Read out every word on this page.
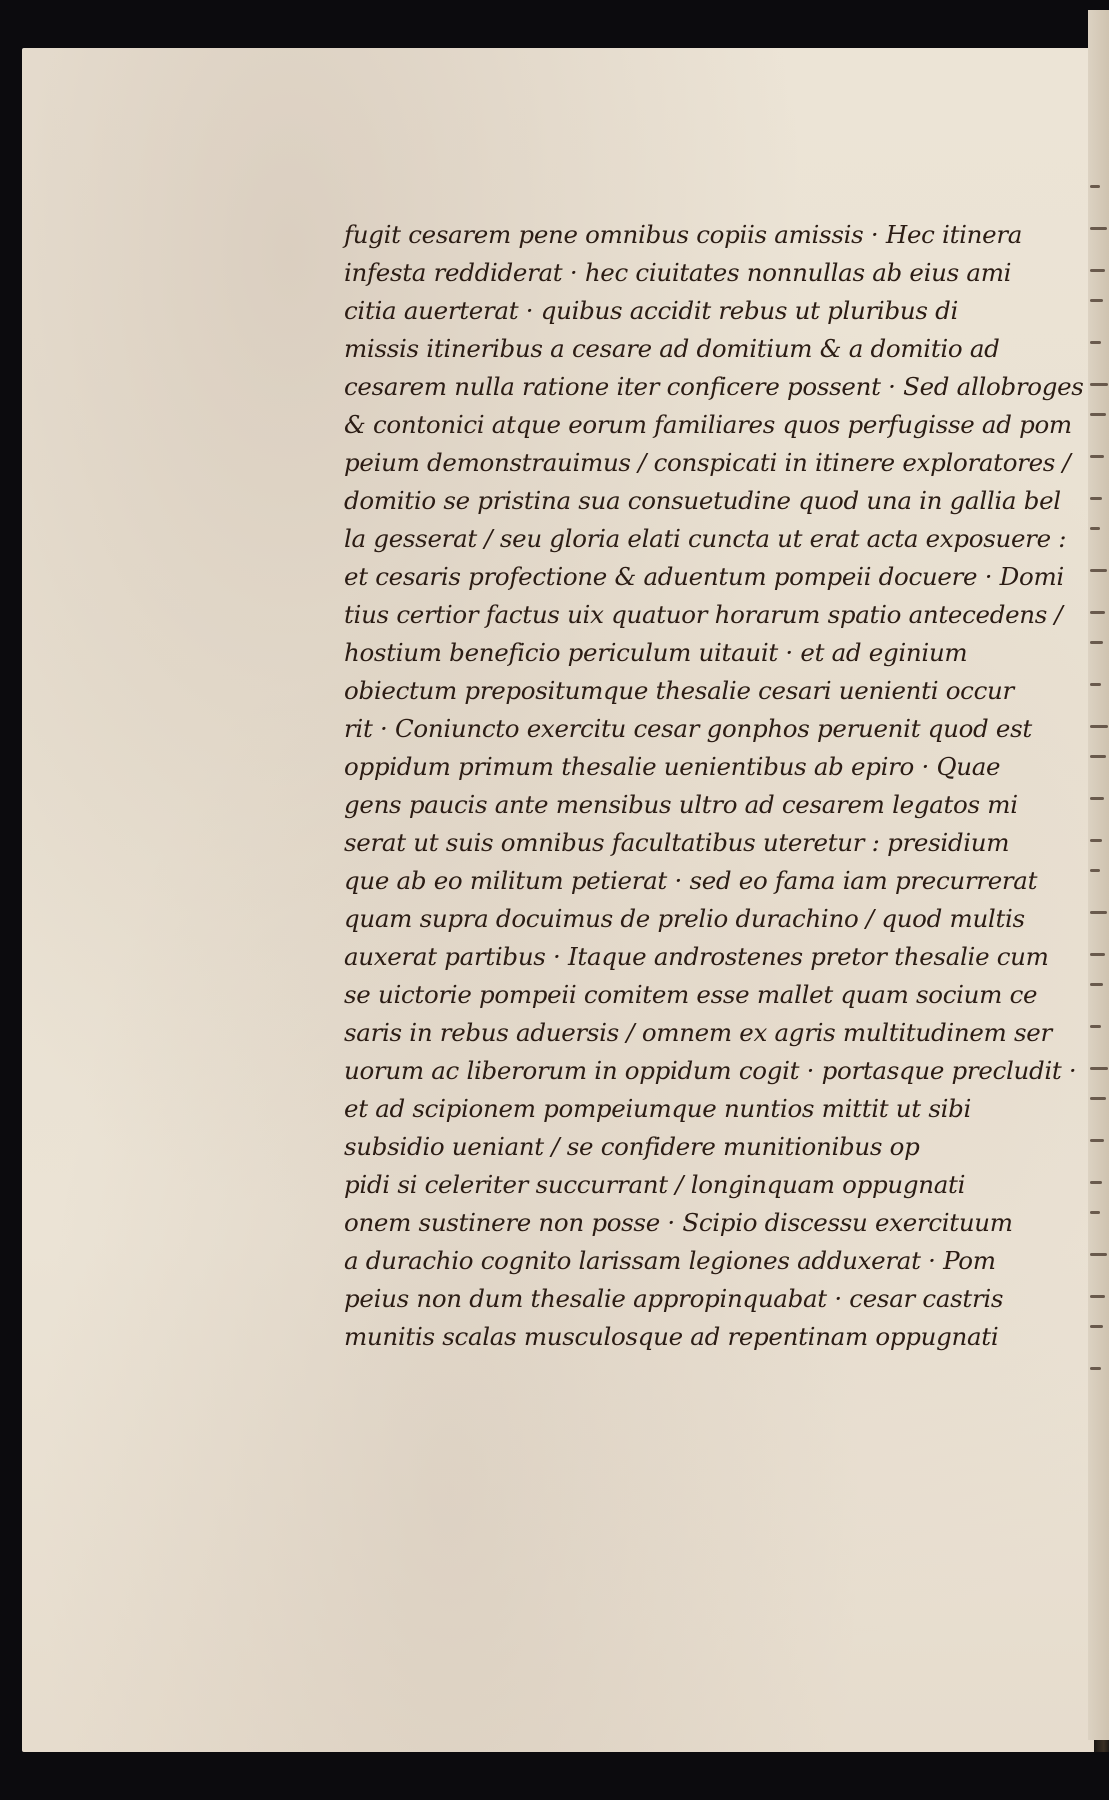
fugit cesarem pene omnibus copiis amissis · Hec itinera
infesta reddiderat · hec ciuitates nonnullas ab eius ami
citia auerterat · quibus accidit rebus ut pluribus di
missis itineribus a cesare ad domitium & a domitio ad
cesarem nulla ratione iter conficere possent · Sed allobroges
& contonici atque eorum familiares quos perfugisse ad pom
peium demonstrauimus / conspicati in itinere exploratores /
domitio se pristina sua consuetudine quod una in gallia bel
la gesserat / seu gloria elati cuncta ut erat acta exposuere :
et cesaris profectione & aduentum pompeii docuere · Domi
tius certior factus uix quatuor horarum spatio antecedens /
hostium beneficio periculum uitauit · et ad eginium
obiectum prepositumque thesalie cesari uenienti occur
rit · Coniuncto exercitu cesar gonphos peruenit quod est
oppidum primum thesalie uenientibus ab epiro · Quae
gens paucis ante mensibus ultro ad cesarem legatos mi
serat ut suis omnibus facultatibus uteretur : presidium
que ab eo militum petierat · sed eo fama iam precurrerat
quam supra docuimus de prelio durachino / quod multis
auxerat partibus · Itaque androstenes pretor thesalie cum
se uictorie pompeii comitem esse mallet quam socium ce
saris in rebus aduersis / omnem ex agris multitudinem ser
uorum ac liberorum in oppidum cogit · portasque precludit ·
et ad scipionem pompeiumque nuntios mittit ut sibi
subsidio ueniant / se confidere munitionibus op
pidi si celeriter succurrant / longinquam oppugnati
onem sustinere non posse · Scipio discessu exercituum
a durachio cognito larissam legiones adduxerat · Pom
peius non dum thesalie appropinquabat · cesar castris
munitis scalas musculosque ad repentinam oppugnati
